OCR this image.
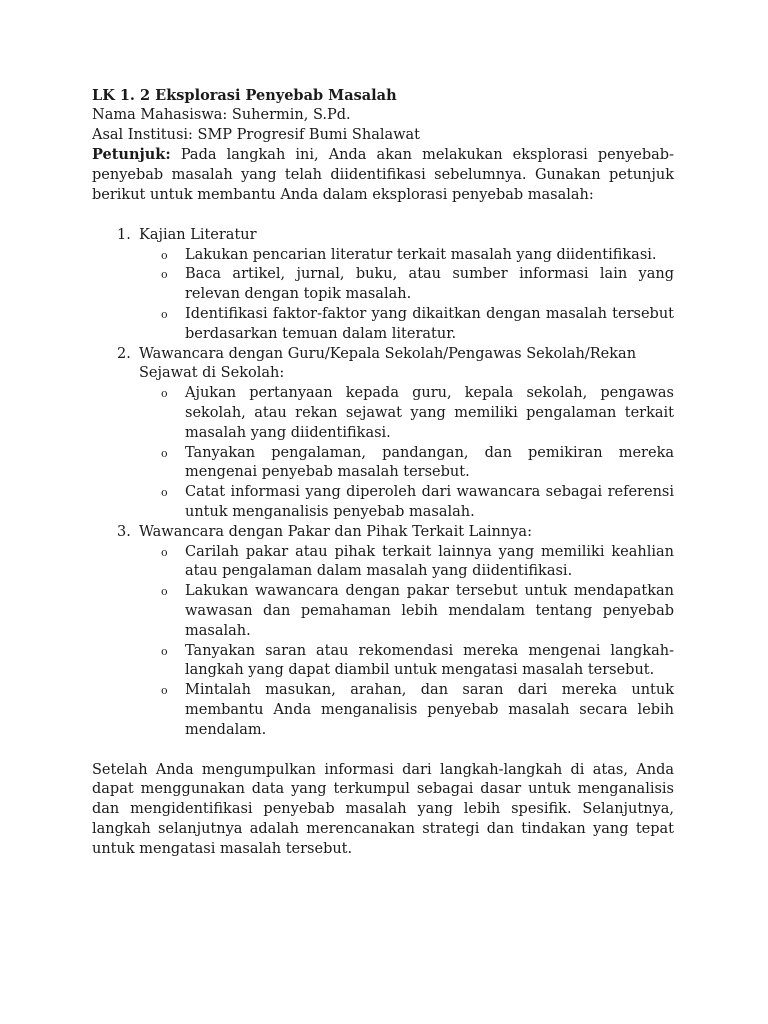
LK 1. 2 Eksplorasi Penyebab Masalah

Nama Mahasiswa: Suhermin, S.Pd.

Asal Institusi: SMP Progresif Bumi Shalawat

Petunjuk: Pada langkah ini, Anda akan melakukan eksplorasi penyebab-penyebab masalah yang telah diidentifikasi sebelumnya. Gunakan petunjuk berikut untuk membantu Anda dalam eksplorasi penyebab masalah:

1. Kajian Literatur
o Lakukan pencarian literatur terkait masalah yang diidentifikasi.
o Baca artikel, jurnal, buku, atau sumber informasi lain yang relevan dengan topik masalah.
o Identifikasi faktor-faktor yang dikaitkan dengan masalah tersebut berdasarkan temuan dalam literatur.
2. Wawancara dengan Guru/Kepala Sekolah/Pengawas Sekolah/Rekan Sejawat di Sekolah:
o Ajukan pertanyaan kepada guru, kepala sekolah, pengawas sekolah, atau rekan sejawat yang memiliki pengalaman terkait masalah yang diidentifikasi.
o Tanyakan pengalaman, pandangan, dan pemikiran mereka mengenai penyebab masalah tersebut.
o Catat informasi yang diperoleh dari wawancara sebagai referensi untuk menganalisis penyebab masalah.
3. Wawancara dengan Pakar dan Pihak Terkait Lainnya:
o Carilah pakar atau pihak terkait lainnya yang memiliki keahlian atau pengalaman dalam masalah yang diidentifikasi.
o Lakukan wawancara dengan pakar tersebut untuk mendapatkan wawasan dan pemahaman lebih mendalam tentang penyebab masalah.
o Tanyakan saran atau rekomendasi mereka mengenai langkah-langkah yang dapat diambil untuk mengatasi masalah tersebut.
o Mintalah masukan, arahan, dan saran dari mereka untuk membantu Anda menganalisis penyebab masalah secara lebih mendalam.

Setelah Anda mengumpulkan informasi dari langkah-langkah di atas, Anda dapat menggunakan data yang terkumpul sebagai dasar untuk menganalisis dan mengidentifikasi penyebab masalah yang lebih spesifik. Selanjutnya, langkah selanjutnya adalah merencanakan strategi dan tindakan yang tepat untuk mengatasi masalah tersebut.
